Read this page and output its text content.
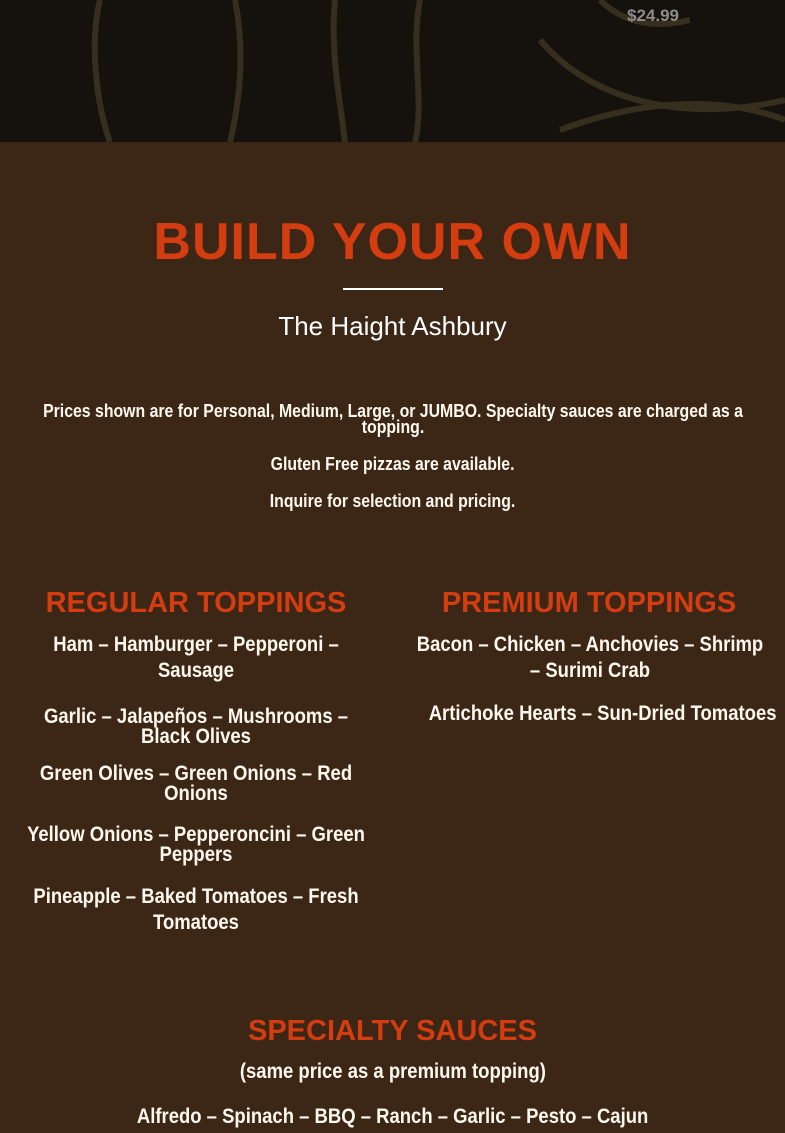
$24.99
BUILD YOUR OWN
The Haight Ashbury
Prices shown are for Personal, Medium, Large, or JUMBO. Specialty sauces are charged as a topping.
Gluten Free pizzas are available.
Inquire for selection and pricing.
REGULAR TOPPINGS	PREMIUM TOPPINGS
Ham – Hamburger – Pepperoni – Sausage
Garlic – Jalapeños – Mushrooms – Black Olives
Green Olives – Green Onions – Red Onions
Yellow Onions – Pepperoncini – Green Peppers
Pineapple – Baked Tomatoes – Fresh Tomatoes
Bacon – Chicken – Anchovies – Shrimp – Surimi Crab
Artichoke Hearts – Sun-Dried Tomatoes
SPECIALTY SAUCES
(same price as a premium topping)
Alfredo – Spinach – BBQ – Ranch – Garlic – Pesto – Cajun
